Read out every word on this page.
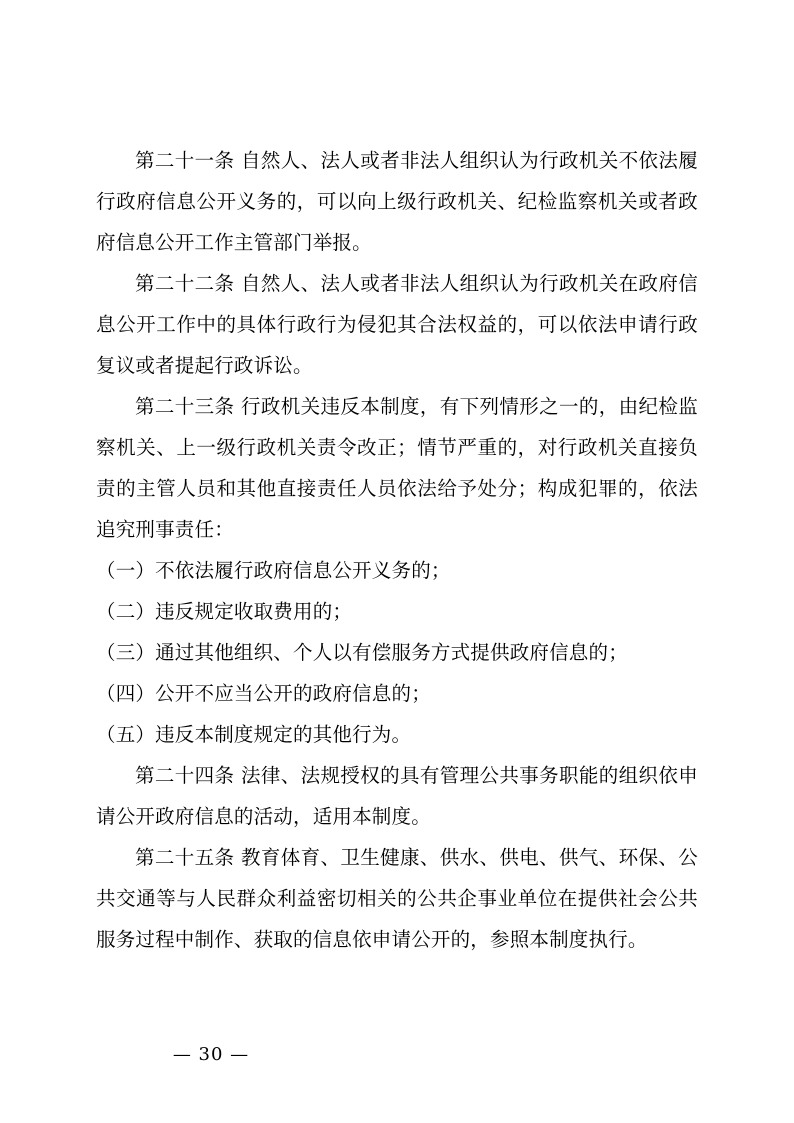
第二十一条 自然人、法人或者非法人组织认为行政机关不依法履行政府信息公开义务的，可以向上级行政机关、纪检监察机关或者政府信息公开工作主管部门举报。

第二十二条 自然人、法人或者非法人组织认为行政机关在政府信息公开工作中的具体行政行为侵犯其合法权益的，可以依法申请行政复议或者提起行政诉讼。

第二十三条 行政机关违反本制度，有下列情形之一的，由纪检监察机关、上一级行政机关责令改正；情节严重的，对行政机关直接负责的主管人员和其他直接责任人员依法给予处分；构成犯罪的，依法追究刑事责任：

（一）不依法履行政府信息公开义务的；

（二）违反规定收取费用的；

（三）通过其他组织、个人以有偿服务方式提供政府信息的；

（四）公开不应当公开的政府信息的；

（五）违反本制度规定的其他行为。

第二十四条 法律、法规授权的具有管理公共事务职能的组织依申请公开政府信息的活动，适用本制度。

第二十五条 教育体育、卫生健康、供水、供电、供气、环保、公共交通等与人民群众利益密切相关的公共企事业单位在提供社会公共服务过程中制作、获取的信息依申请公开的，参照本制度执行。

— 30 —
